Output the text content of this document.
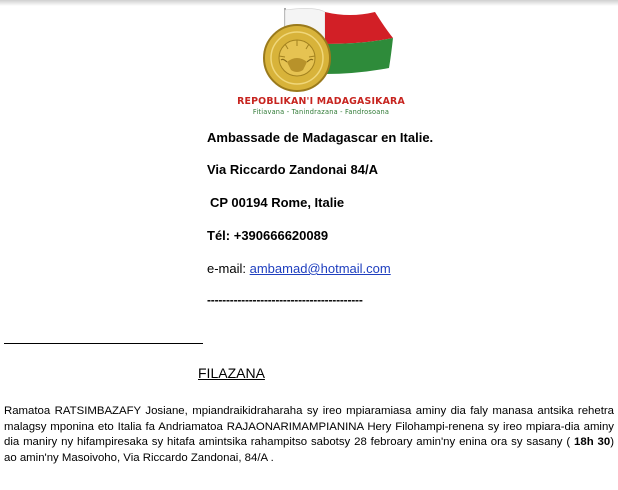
REPOBLIKAN'I MADAGASIKARA
Fitiavana - Tanindrazana - Fandrosoana
Ambassade de Madagascar en Italie.
Via Riccardo Zandonai 84/A
CP 00194 Rome, Italie
Tél: +390666620089
e-mail: ambamad@hotmail.com
-----------------------------------------
FILAZANA
Ramatoa RATSIMBAZAFY Josiane, mpiandraikidraharaha sy ireo mpiaramiasa aminy dia faly manasa antsika rehetra malagsy mponina eto Italia fa Andriamatoa RAJAONARIMAMPIANINA Hery Filohampi-renena sy ireo mpiara-dia aminy dia maniry ny hifampiresaka sy hitafa amintsika rahampitso sabotsy 28 febroary amin'ny enina ora sy sasany ( 18h 30) ao amin'ny Masoivoho, Via Riccardo Zandonai, 84/A .
